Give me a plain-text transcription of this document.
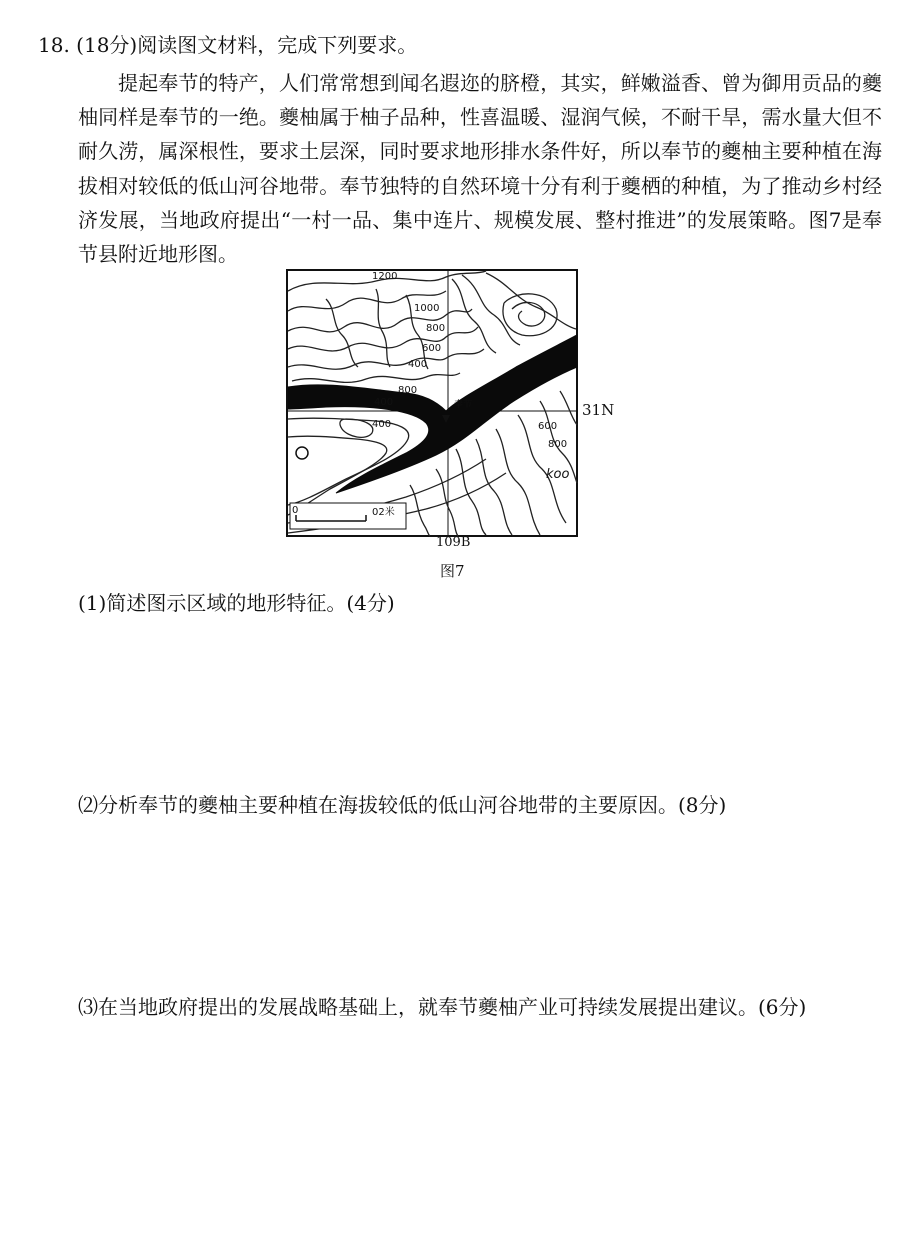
18. (18分)阅读图文材料，完成下列要求。

提起奉节的特产，人们常常想到闻名遐迩的脐橙，其实，鲜嫩溢香、曾为御用贡品的夔柚同样是奉节的一绝。夔柚属于柚子品种，性喜温暖、湿润气候，不耐干旱，需水量大但不耐久涝，属深根性，要求土层深，同时要求地形排水条件好，所以奉节的夔柚主要种植在海拔相对较低的低山河谷地带。奉节独特的自然环境十分有利于夔栖的种植，为了推动乡村经济发展，当地政府提出“一村一品、集中连片、规模发展、整村推进”的发展策略。图7是奉节县附近地形图。

1200
1000
800
600
400
800
400
400	600
800
koo
奉节
0	02米
31N
109B
图7
(1)简述图示区域的地形特征。(4分)
⑵分析奉节的夔柚主要种植在海拔较低的低山河谷地带的主要原因。(8分)
⑶在当地政府提出的发展战略基础上，就奉节夔柚产业可持续发展提出建议。(6分)
